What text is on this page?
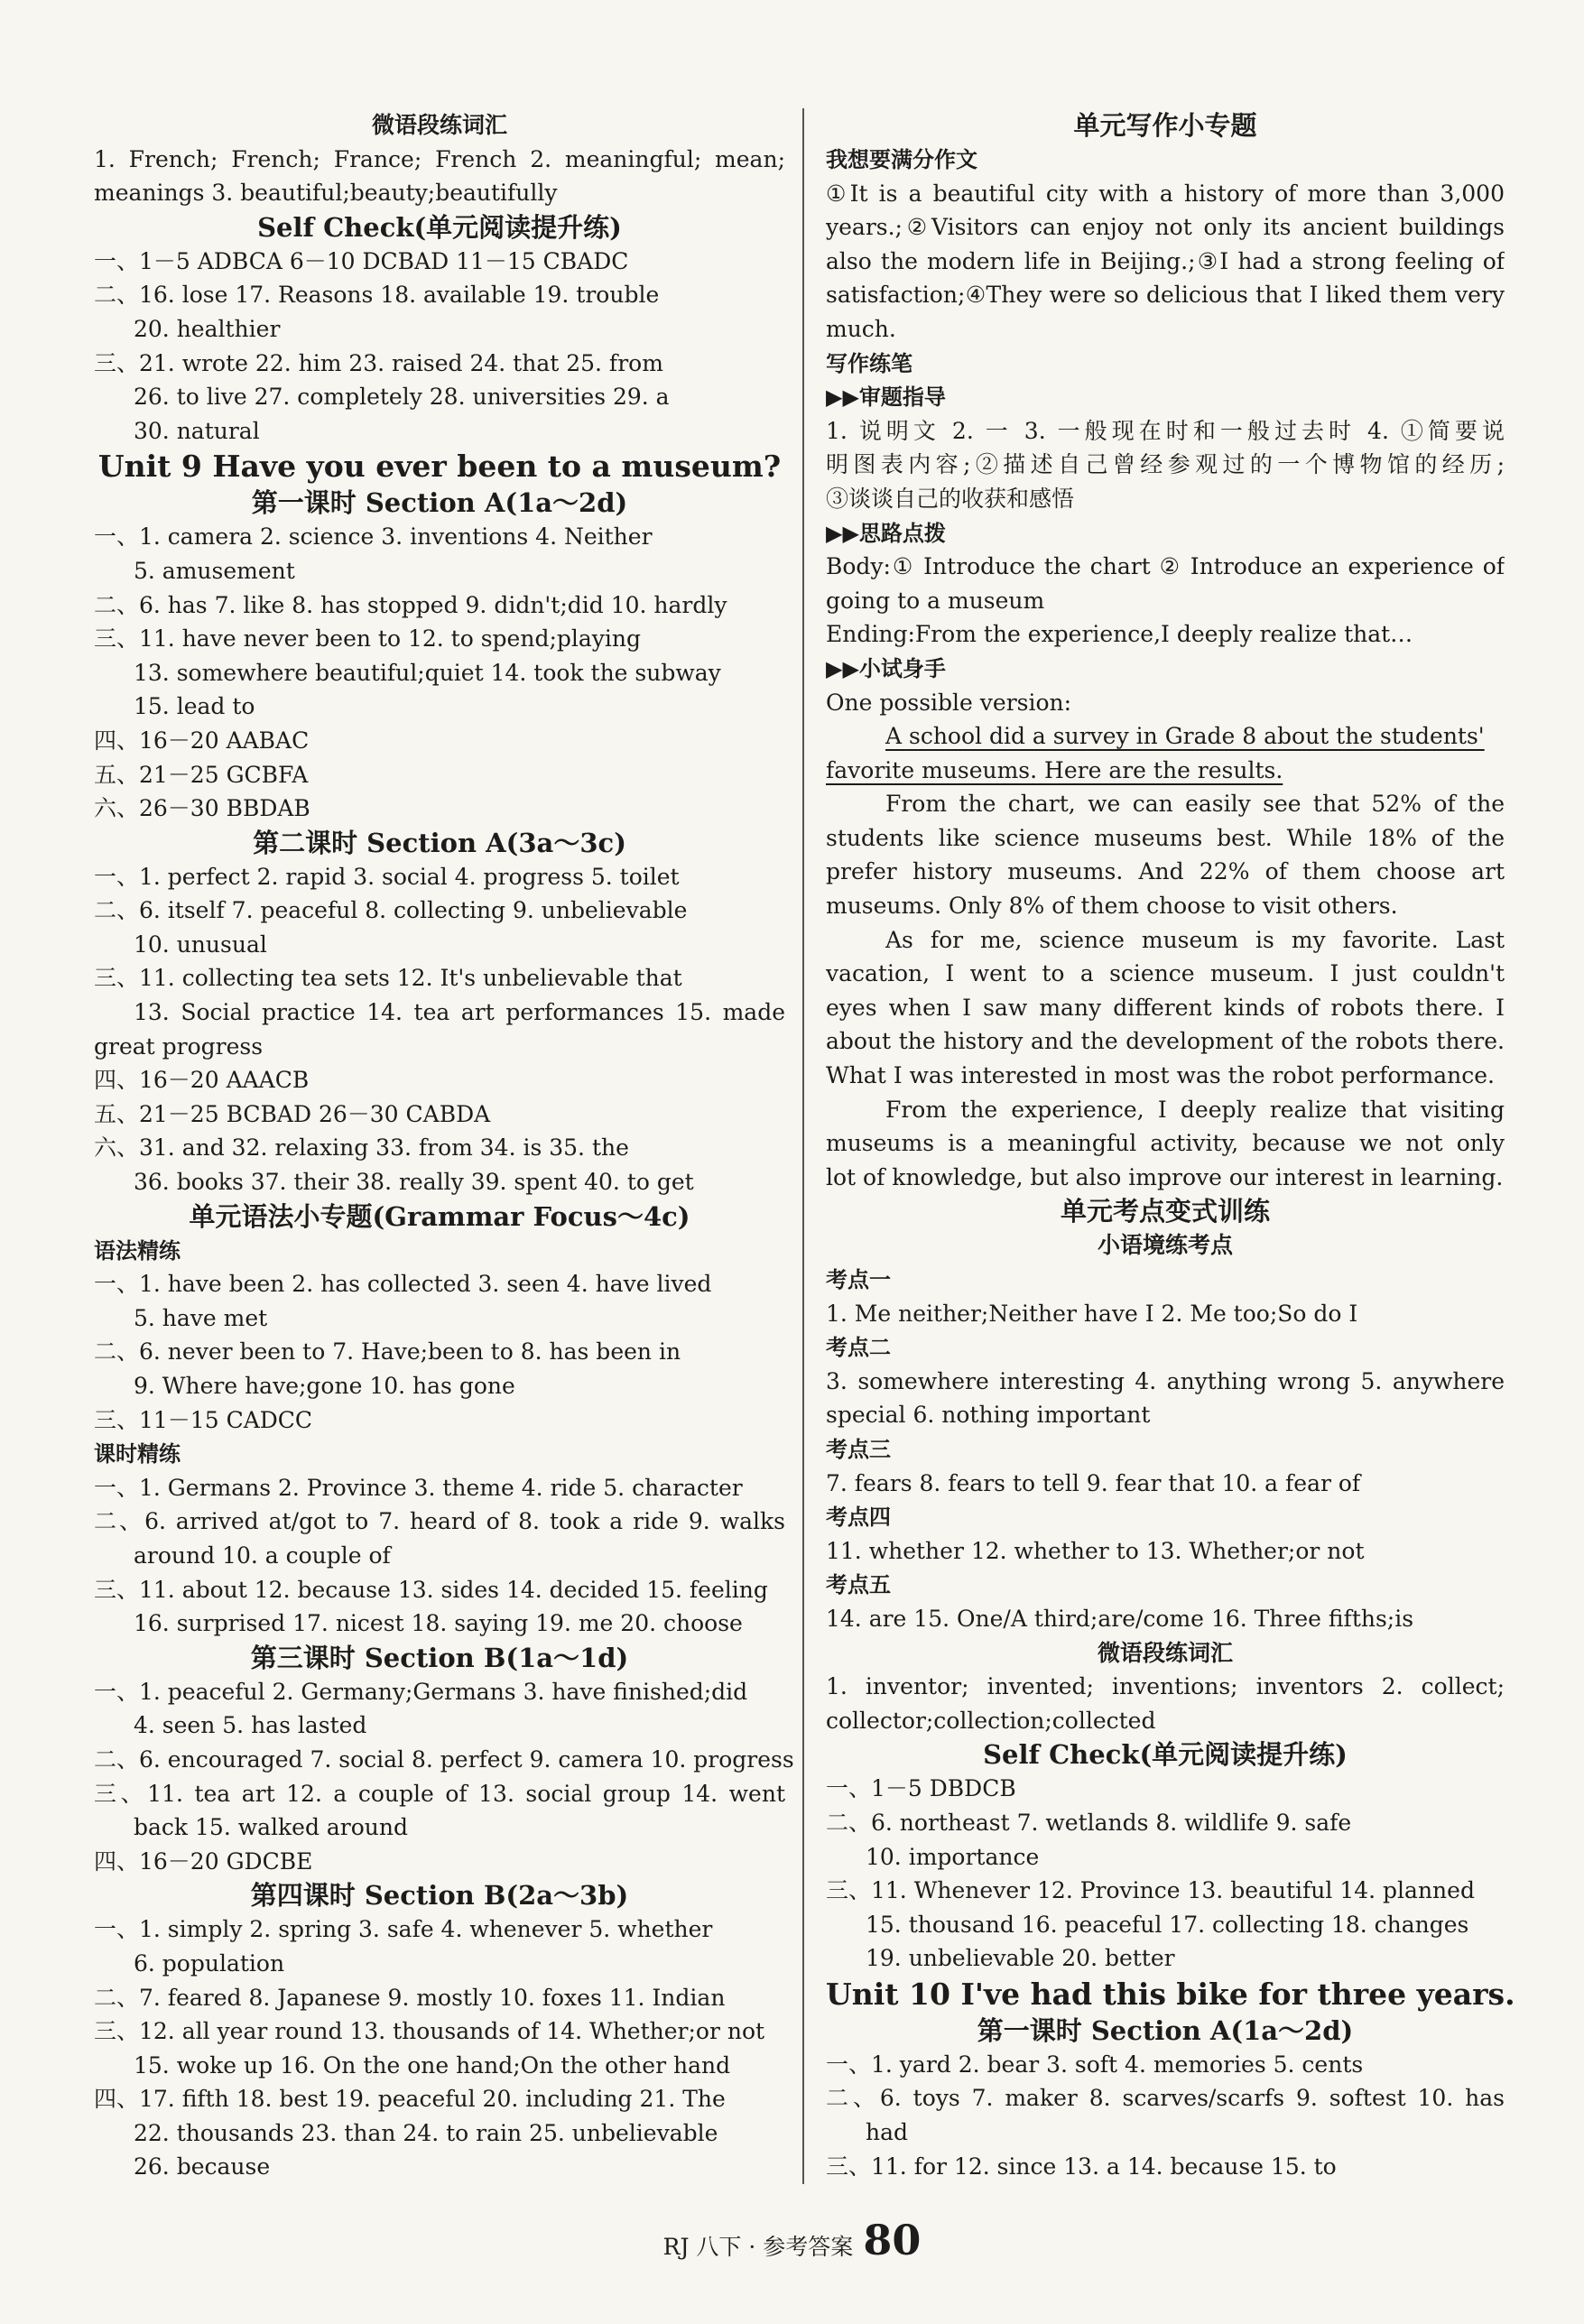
微语段练词汇
1. French; French; France; French 2. meaningful; mean;
meanings 3. beautiful;beauty;beautifully
Self Check(单元阅读提升练)
一、1－5 ADBCA 6－10 DCBAD 11－15 CBADC
二、16. lose 17. Reasons 18. available 19. trouble
20. healthier
三、21. wrote 22. him 23. raised 24. that 25. from
26. to live 27. completely 28. universities 29. a
30. natural
Unit 9 Have you ever been to a museum?
第一课时 Section A(1a～2d)
一、1. camera 2. science 3. inventions 4. Neither
5. amusement
二、6. has 7. like 8. has stopped 9. didn't;did 10. hardly
三、11. have never been to 12. to spend;playing
13. somewhere beautiful;quiet 14. took the subway
15. lead to
四、16－20 AABAC
五、21－25 GCBFA
六、26－30 BBDAB
第二课时 Section A(3a～3c)
一、1. perfect 2. rapid 3. social 4. progress 5. toilet
二、6. itself 7. peaceful 8. collecting 9. unbelievable
10. unusual
三、11. collecting tea sets 12. It's unbelievable that
13. Social practice 14. tea art performances 15. made
great progress
四、16－20 AAACB
五、21－25 BCBAD 26－30 CABDA
六、31. and 32. relaxing 33. from 34. is 35. the
36. books 37. their 38. really 39. spent 40. to get
单元语法小专题(Grammar Focus～4c)
语法精练
一、1. have been 2. has collected 3. seen 4. have lived
5. have met
二、6. never been to 7. Have;been to 8. has been in
9. Where have;gone 10. has gone
三、11－15 CADCC
课时精练
一、1. Germans 2. Province 3. theme 4. ride 5. character
二、6. arrived at/got to 7. heard of 8. took a ride 9. walks
around 10. a couple of
三、11. about 12. because 13. sides 14. decided 15. feeling
16. surprised 17. nicest 18. saying 19. me 20. choose
第三课时 Section B(1a～1d)
一、1. peaceful 2. Germany;Germans 3. have finished;did
4. seen 5. has lasted
二、6. encouraged 7. social 8. perfect 9. camera 10. progress
三、11. tea art 12. a couple of 13. social group 14. went
back 15. walked around
四、16－20 GDCBE
第四课时 Section B(2a～3b)
一、1. simply 2. spring 3. safe 4. whenever 5. whether
6. population
二、7. feared 8. Japanese 9. mostly 10. foxes 11. Indian
三、12. all year round 13. thousands of 14. Whether;or not
15. woke up 16. On the one hand;On the other hand
四、17. fifth 18. best 19. peaceful 20. including 21. The
22. thousands 23. than 24. to rain 25. unbelievable
26. because
单元写作小专题
我想要满分作文
①It is a beautiful city with a history of more than 3,000
years.;②Visitors can enjoy not only its ancient buildings
also the modern life in Beijing.;③I had a strong feeling of
satisfaction;④They were so delicious that I liked them very
much.
写作练笔
▶▶审题指导
1. 说明文 2. 一 3. 一般现在时和一般过去时 4. ①简要说
明图表内容;②描述自己曾经参观过的一个博物馆的经历;
③谈谈自己的收获和感悟
▶▶思路点拨
Body:① Introduce the chart ② Introduce an experience of
going to a museum
Ending:From the experience,I deeply realize that…
▶▶小试身手
One possible version:
A school did a survey in Grade 8 about the students'
favorite museums. Here are the results.
From the chart, we can easily see that 52% of the
students like science museums best. While 18% of the
prefer history museums. And 22% of them choose art
museums. Only 8% of them choose to visit others.
As for me, science museum is my favorite. Last
vacation, I went to a science museum. I just couldn't
eyes when I saw many different kinds of robots there. I
about the history and the development of the robots there.
What I was interested in most was the robot performance.
From the experience, I deeply realize that visiting
museums is a meaningful activity, because we not only
lot of knowledge, but also improve our interest in learning.
单元考点变式训练
小语境练考点
考点一
1. Me neither;Neither have I 2. Me too;So do I
考点二
3. somewhere interesting 4. anything wrong 5. anywhere
special 6. nothing important
考点三
7. fears 8. fears to tell 9. fear that 10. a fear of
考点四
11. whether 12. whether to 13. Whether;or not
考点五
14. are 15. One/A third;are/come 16. Three fifths;is
微语段练词汇
1. inventor; invented; inventions; inventors 2. collect;
collector;collection;collected
Self Check(单元阅读提升练)
一、1－5 DBDCB
二、6. northeast 7. wetlands 8. wildlife 9. safe
10. importance
三、11. Whenever 12. Province 13. beautiful 14. planned
15. thousand 16. peaceful 17. collecting 18. changes
19. unbelievable 20. better
Unit 10 I've had this bike for three years.
第一课时 Section A(1a～2d)
一、1. yard 2. bear 3. soft 4. memories 5. cents
二、6. toys 7. maker 8. scarves/scarfs 9. softest 10. has
had
三、11. for 12. since 13. a 14. because 15. to
RJ 八下 · 参考答案 80
